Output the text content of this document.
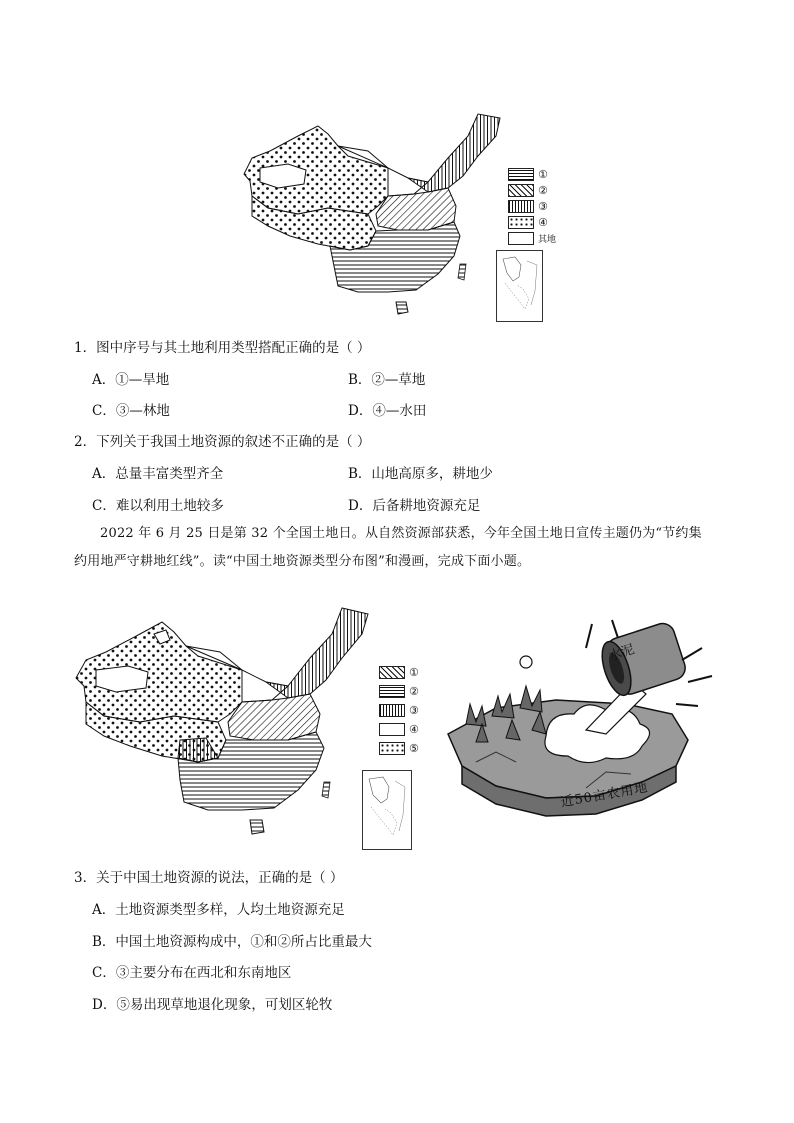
①
②
③
④
其地
1．图中序号与其土地利用类型搭配正确的是（ ）
A．①—旱地	B．②—草地
C．③—林地	D．④—水田
2．下列关于我国土地资源的叙述不正确的是（ ）
A．总量丰富类型齐全	B．山地高原多，耕地少
C．难以利用土地较多	D．后备耕地资源充足
2022 年 6 月 25 日是第 32 个全国土地日。从自然资源部获悉，今年全国土地日宣传主题仍为“节约集
约用地严守耕地红线”。读“中国土地资源类型分布图”和漫画，完成下面小题。
①
②
③
④
⑤
水泥
近50亩农用地
3．关于中国土地资源的说法，正确的是（ ）
A．土地资源类型多样，人均土地资源充足
B．中国土地资源构成中，①和②所占比重最大
C．③主要分布在西北和东南地区
D．⑤易出现草地退化现象，可划区轮牧
